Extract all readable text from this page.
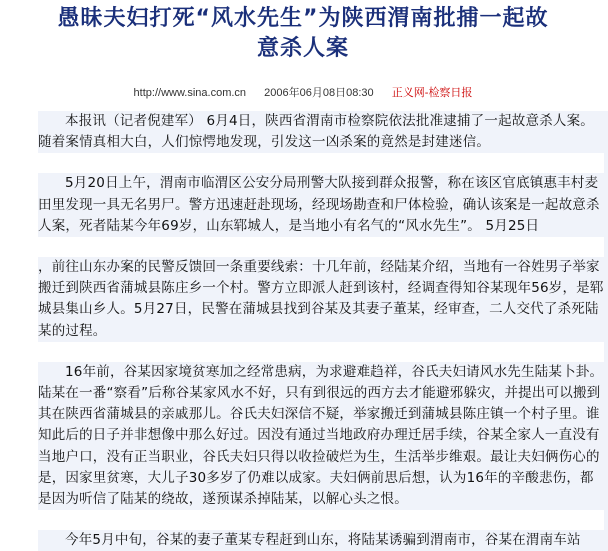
愚昧夫妇打死“风水先生”为陕西渭南批捕一起故
意杀人案
http://www.sina.com.cn 2006年06月08日08:30 正义网-检察日报

本报讯（记者倪建军） 6月4日，陕西省渭南市检察院依法批准逮捕了一起故意杀人案。随着案情真相大白，人们惊愕地发现，引发这一凶杀案的竟然是封建迷信。

5月20日上午，渭南市临渭区公安分局刑警大队接到群众报警，称在该区官底镇惠丰村麦田里发现一具无名男尸。警方迅速赶赴现场，经现场勘查和尸体检验，确认该案是一起故意杀人案，死者陆某今年69岁，山东郓城人，是当地小有名气的“风水先生”。 5月25日

，前往山东办案的民警反馈回一条重要线索：十几年前，经陆某介绍，当地有一谷姓男子举家搬迁到陕西省蒲城县陈庄乡一个村。警方立即派人赶到该村，经调查得知谷某现年56岁，是郓城县集山乡人。5月27日，民警在蒲城县找到谷某及其妻子董某，经审查，二人交代了杀死陆某的过程。

16年前，谷某因家境贫寒加之经常患病，为求避难趋祥，谷氏夫妇请风水先生陆某卜卦。陆某在一番“察看”后称谷某家风水不好，只有到很远的西方去才能避邪躲灾，并提出可以搬到其在陕西省蒲城县的亲戚那儿。谷氏夫妇深信不疑，举家搬迁到蒲城县陈庄镇一个村子里。谁知此后的日子并非想像中那么好过。因没有通过当地政府办理迁居手续，谷某全家人一直没有当地户口，没有正当职业，谷氏夫妇只得以收捡破烂为生，生活举步维艰。最让夫妇俩伤心的是，因家里贫寒，大儿子30多岁了仍难以成家。夫妇俩前思后想，认为16年的辛酸悲伤，都是因为听信了陆某的绕故，遂预谋杀掉陆某，以解心头之恨。

今年5月中旬，谷某的妻子董某专程赶到山东，将陆某诱骗到渭南市，谷某在渭南车站
